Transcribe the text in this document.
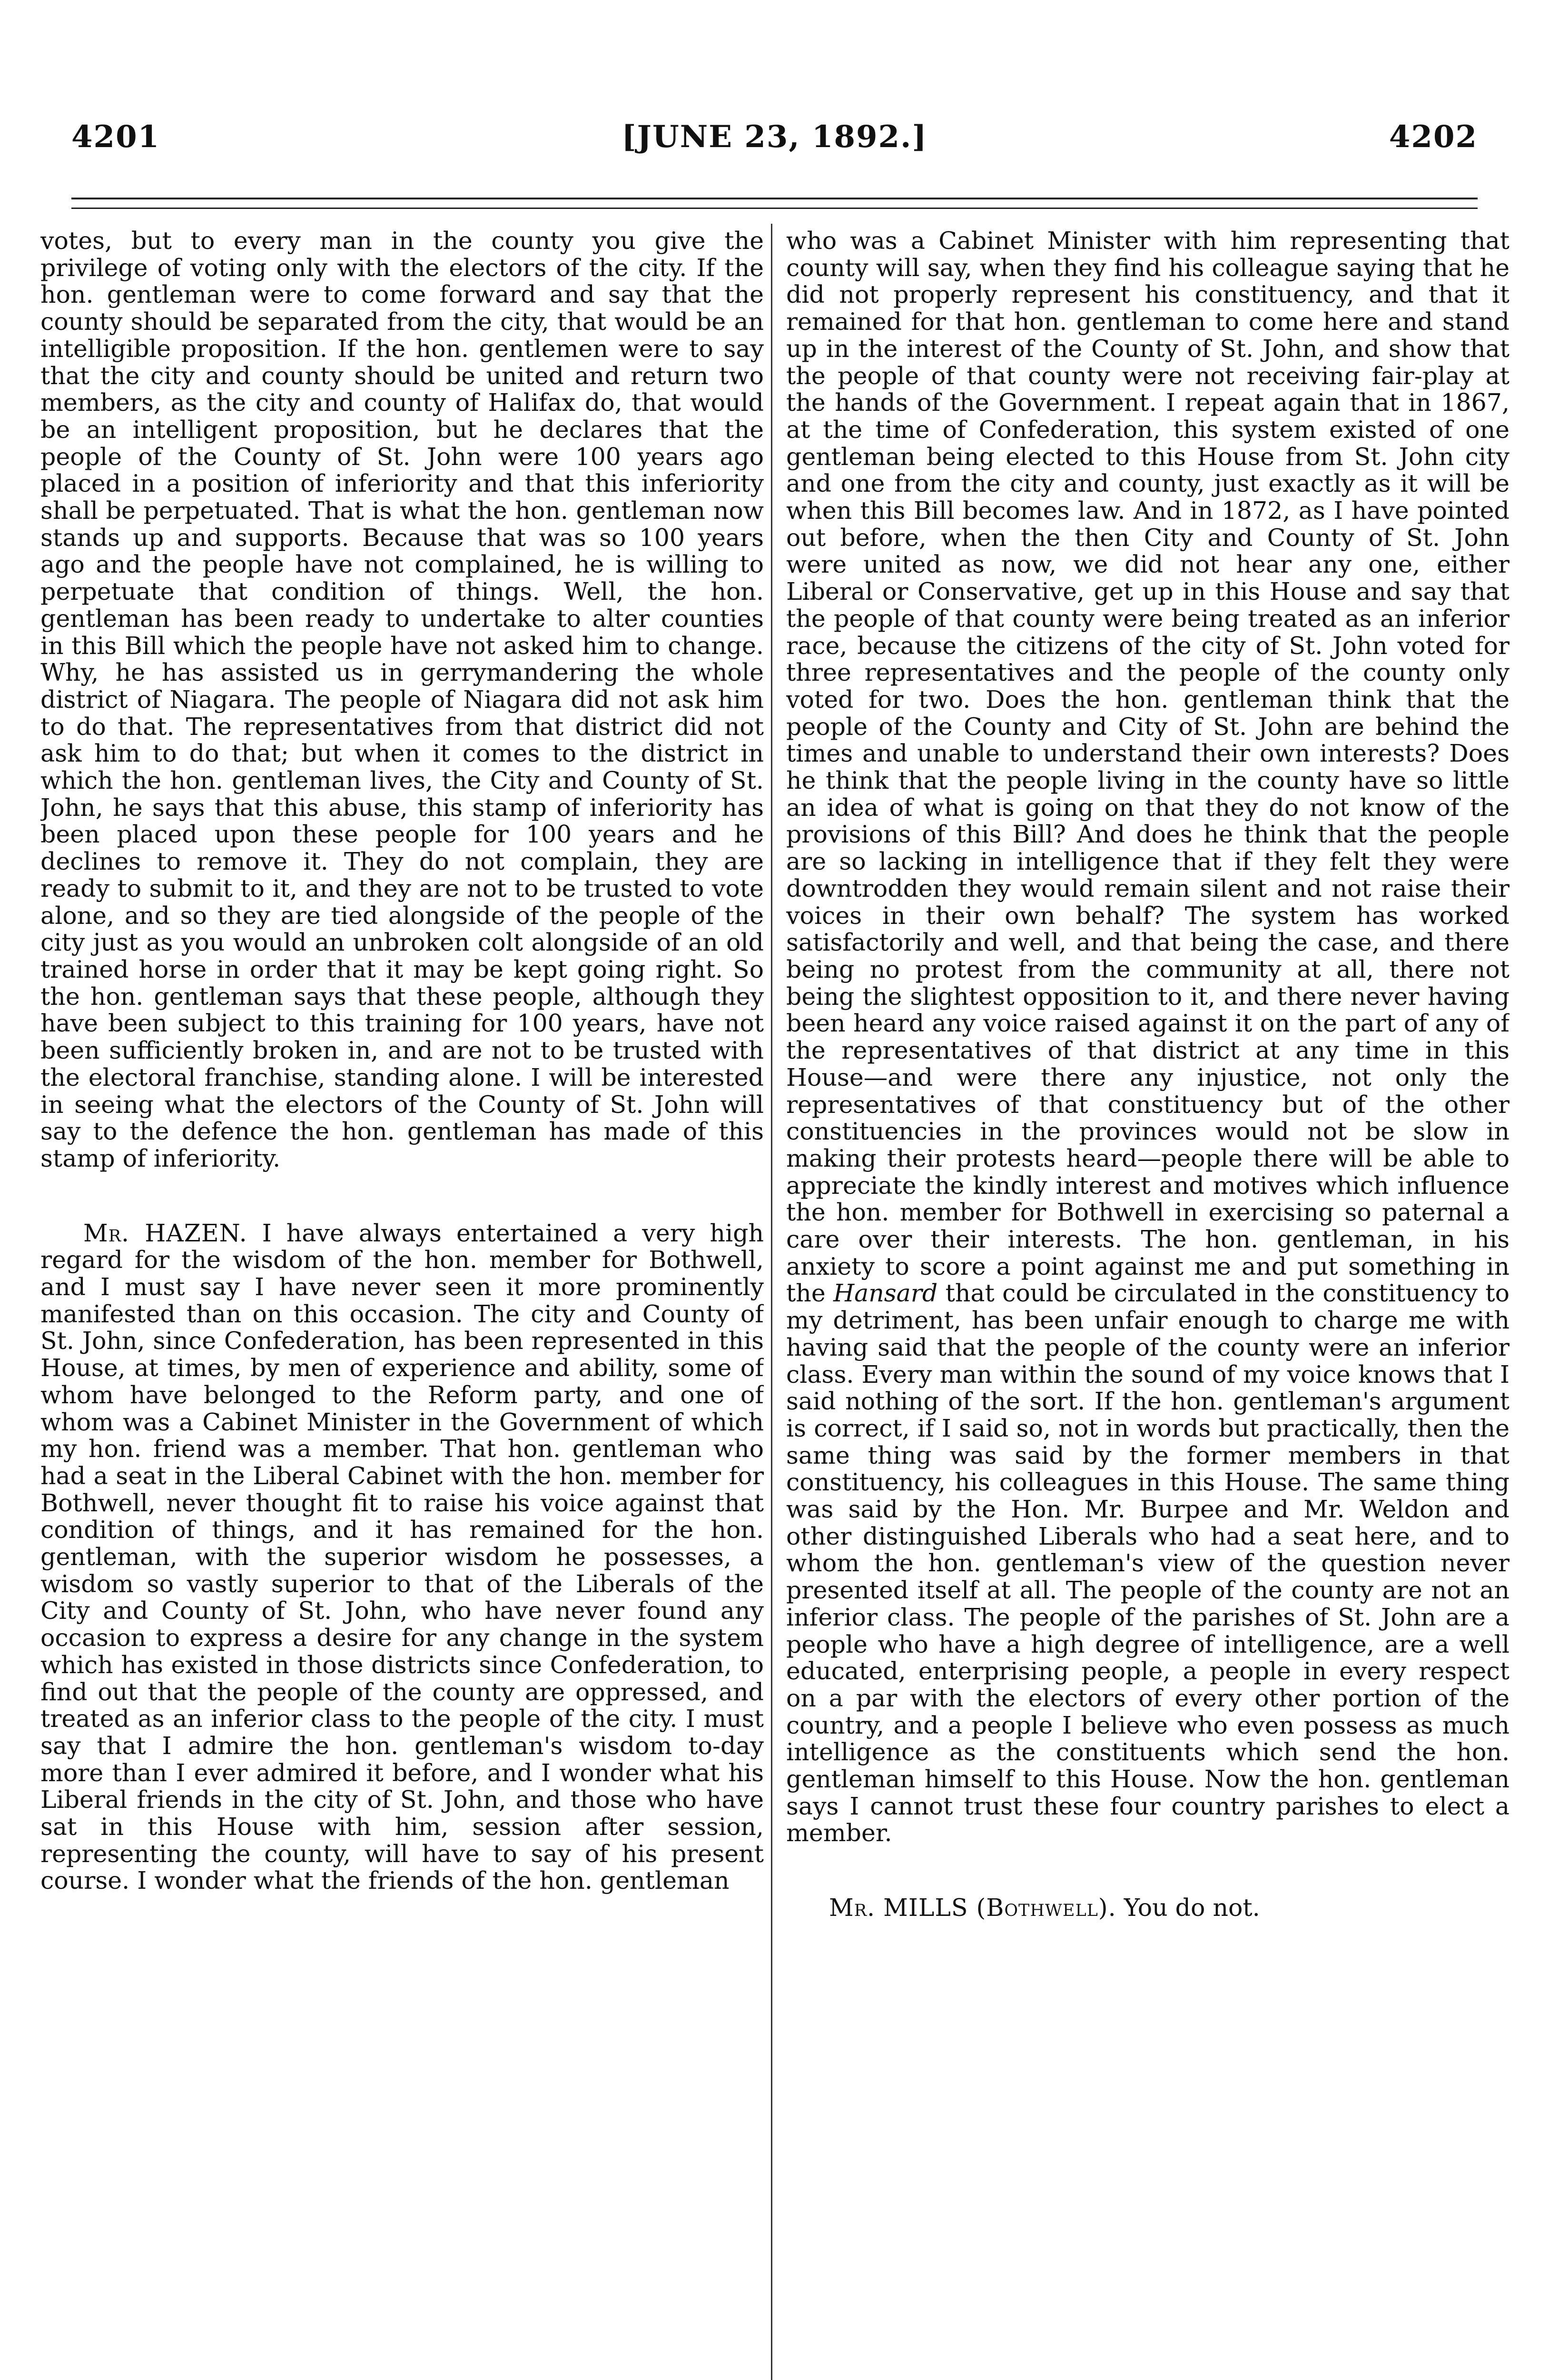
4201	[JUNE 23, 1892.]	4202

votes, but to every man in the county you give the privilege of voting only with the electors of the city. If the hon. gentleman were to come forward and say that the county should be separated from the city, that would be an intelligible proposition. If the hon. gentlemen were to say that the city and county should be united and return two members, as the city and county of Halifax do, that would be an intelligent proposition, but he declares that the people of the County of St. John were 100 years ago placed in a position of inferiority and that this inferiority shall be perpetuated. That is what the hon. gentleman now stands up and supports. Because that was so 100 years ago and the people have not complained, he is willing to perpetuate that condition of things. Well, the hon. gentleman has been ready to undertake to alter counties in this Bill which the people have not asked him to change. Why, he has assisted us in gerrymandering the whole district of Niagara. The people of Niagara did not ask him to do that. The representatives from that district did not ask him to do that; but when it comes to the district in which the hon. gentleman lives, the City and County of St. John, he says that this abuse, this stamp of inferiority has been placed upon these people for 100 years and he declines to remove it. They do not complain, they are ready to submit to it, and they are not to be trusted to vote alone, and so they are tied alongside of the people of the city just as you would an unbroken colt alongside of an old trained horse in order that it may be kept going right. So the hon. gentleman says that these people, although they have been subject to this training for 100 years, have not been sufficiently broken in, and are not to be trusted with the electoral franchise, standing alone. I will be interested in seeing what the electors of the County of St. John will say to the defence the hon. gentleman has made of this stamp of inferiority.

Mr. HAZEN. I have always entertained a very high regard for the wisdom of the hon. member for Bothwell, and I must say I have never seen it more prominently manifested than on this occasion. The city and County of St. John, since Confederation, has been represented in this House, at times, by men of experience and ability, some of whom have belonged to the Reform party, and one of whom was a Cabinet Minister in the Government of which my hon. friend was a member. That hon. gentleman who had a seat in the Liberal Cabinet with the hon. member for Bothwell, never thought fit to raise his voice against that condition of things, and it has remained for the hon. gentleman, with the superior wisdom he possesses, a wisdom so vastly superior to that of the Liberals of the City and County of St. John, who have never found any occasion to express a desire for any change in the system which has existed in those districts since Confederation, to find out that the people of the county are oppressed, and treated as an inferior class to the people of the city. I must say that I admire the hon. gentleman's wisdom to-day more than I ever admired it before, and I wonder what his Liberal friends in the city of St. John, and those who have sat in this House with him, session after session, representing the county, will have to say of his present course. I wonder what the friends of the hon. gentleman

who was a Cabinet Minister with him representing that county will say, when they find his colleague saying that he did not properly represent his constituency, and that it remained for that hon. gentleman to come here and stand up in the interest of the County of St. John, and show that the people of that county were not receiving fair-play at the hands of the Government. I repeat again that in 1867, at the time of Confederation, this system existed of one gentleman being elected to this House from St. John city and one from the city and county, just exactly as it will be when this Bill becomes law. And in 1872, as I have pointed out before, when the then City and County of St. John were united as now, we did not hear any one, either Liberal or Conservative, get up in this House and say that the people of that county were being treated as an inferior race, because the citizens of the city of St. John voted for three representatives and the people of the county only voted for two. Does the hon. gentleman think that the people of the County and City of St. John are behind the times and unable to understand their own interests? Does he think that the people living in the county have so little an idea of what is going on that they do not know of the provisions of this Bill? And does he think that the people are so lacking in intelligence that if they felt they were downtrodden they would remain silent and not raise their voices in their own behalf? The system has worked satisfactorily and well, and that being the case, and there being no protest from the community at all, there not being the slightest opposition to it, and there never having been heard any voice raised against it on the part of any of the representatives of that district at any time in this House—and were there any injustice, not only the representatives of that constituency but of the other constituencies in the provinces would not be slow in making their protests heard—people there will be able to appreciate the kindly interest and motives which influence the hon. member for Bothwell in exercising so paternal a care over their interests. The hon. gentleman, in his anxiety to score a point against me and put something in the Hansard that could be circulated in the constituency to my detriment, has been unfair enough to charge me with having said that the people of the county were an inferior class. Every man within the sound of my voice knows that I said nothing of the sort. If the hon. gentleman's argument is correct, if I said so, not in words but practically, then the same thing was said by the former members in that constituency, his colleagues in this House. The same thing was said by the Hon. Mr. Burpee and Mr. Weldon and other distinguished Liberals who had a seat here, and to whom the hon. gentleman's view of the question never presented itself at all. The people of the county are not an inferior class. The people of the parishes of St. John are a people who have a high degree of intelligence, are a well educated, enterprising people, a people in every respect on a par with the electors of every other portion of the country, and a people I believe who even possess as much intelligence as the constituents which send the hon. gentleman himself to this House. Now the hon. gentleman says I cannot trust these four country parishes to elect a member.

Mr. MILLS (Bothwell). You do not.
